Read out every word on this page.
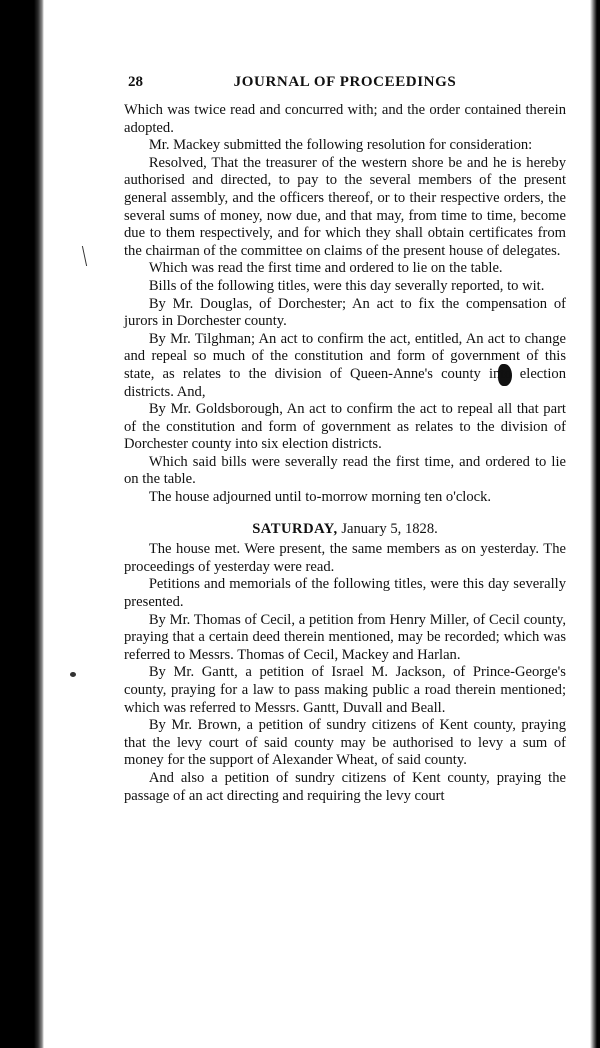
28	JOURNAL OF PROCEEDINGS

Which was twice read and concurred with; and the order contained therein adopted.

Mr. Mackey submitted the following resolution for consideration:

Resolved, That the treasurer of the western shore be and he is hereby authorised and directed, to pay to the several members of the present general assembly, and the officers thereof, or to their respective orders, the several sums of money, now due, and that may, from time to time, become due to them respectively, and for which they shall obtain certificates from the chairman of the committee on claims of the present house of delegates.

Which was read the first time and ordered to lie on the table.

Bills of the following titles, were this day severally reported, to wit.

By Mr. Douglas, of Dorchester; An act to fix the compensation of jurors in Dorchester county.

By Mr. Tilghman; An act to confirm the act, entitled, An act to change and repeal so much of the constitution and form of government of this state, as relates to the division of Queen-Anne's county into election districts. And,

By Mr. Goldsborough, An act to confirm the act to repeal all that part of the constitution and form of government as relates to the division of Dorchester county into six election districts.

Which said bills were severally read the first time, and ordered to lie on the table.

The house adjourned until to-morrow morning ten o'clock.

SATURDAY, January 5, 1828.

The house met. Were present, the same members as on yesterday. The proceedings of yesterday were read.

Petitions and memorials of the following titles, were this day severally presented.

By Mr. Thomas of Cecil, a petition from Henry Miller, of Cecil county, praying that a certain deed therein mentioned, may be recorded; which was referred to Messrs. Thomas of Cecil, Mackey and Harlan.

By Mr. Gantt, a petition of Israel M. Jackson, of Prince-George's county, praying for a law to pass making public a road therein mentioned; which was referred to Messrs. Gantt, Duvall and Beall.

By Mr. Brown, a petition of sundry citizens of Kent county, praying that the levy court of said county may be authorised to levy a sum of money for the support of Alexander Wheat, of said county.

And also a petition of sundry citizens of Kent county, praying the passage of an act directing and requiring the levy court
